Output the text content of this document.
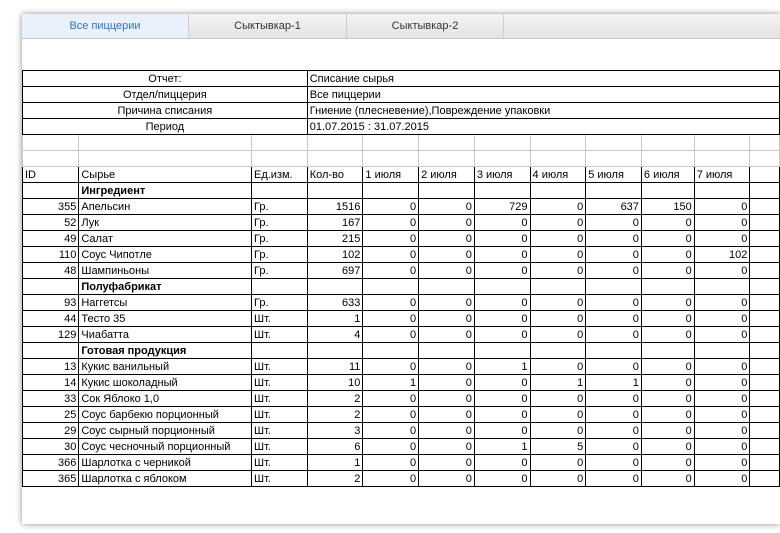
Все пиццерии	Сыктывкар-1	Сыктывкар-2
Отчет:			Списание сырья								
Отдел/пиццерия			Все пиццерии								
Причина списания			Гниение (плесневение),Повреждение упаковки								
Период			01.07.2015 : 31.07.2015								

ID	Сырье	Ед.изм.	Кол-во	1 июля	2 июля	3 июля	4 июля	5 июля	6 июля	7 июля	
	Ингредиент										
355	Апельсин	Гр.	1516	0	0	729	0	637	150	0	
52	Лук	Гр.	167	0	0	0	0	0	0	0	
49	Салат	Гр.	215	0	0	0	0	0	0	0	
110	Соус Чипотле	Гр.	102	0	0	0	0	0	0	102	
48	Шампиньоны	Гр.	697	0	0	0	0	0	0	0	
	Полуфабрикат										
93	Наггетсы	Гр.	633	0	0	0	0	0	0	0	
44	Тесто 35	Шт.	1	0	0	0	0	0	0	0	
129	Чиабатта	Шт.	4	0	0	0	0	0	0	0	
	Готовая продукция										
13	Кукис ванильный	Шт.	11	0	0	1	0	0	0	0	
14	Кукис шоколадный	Шт.	10	1	0	0	1	1	0	0	
33	Сок Яблоко 1,0	Шт.	2	0	0	0	0	0	0	0	
25	Соус барбекю порционный	Шт.	2	0	0	0	0	0	0	0	
29	Соус сырный порционный	Шт.	3	0	0	0	0	0	0	0	
30	Соус чесночный порционный	Шт.	6	0	0	1	5	0	0	0	
366	Шарлотка с черникой	Шт.	1	0	0	0	0	0	0	0	
365	Шарлотка с яблоком	Шт.	2	0	0	0	0	0	0	0	
